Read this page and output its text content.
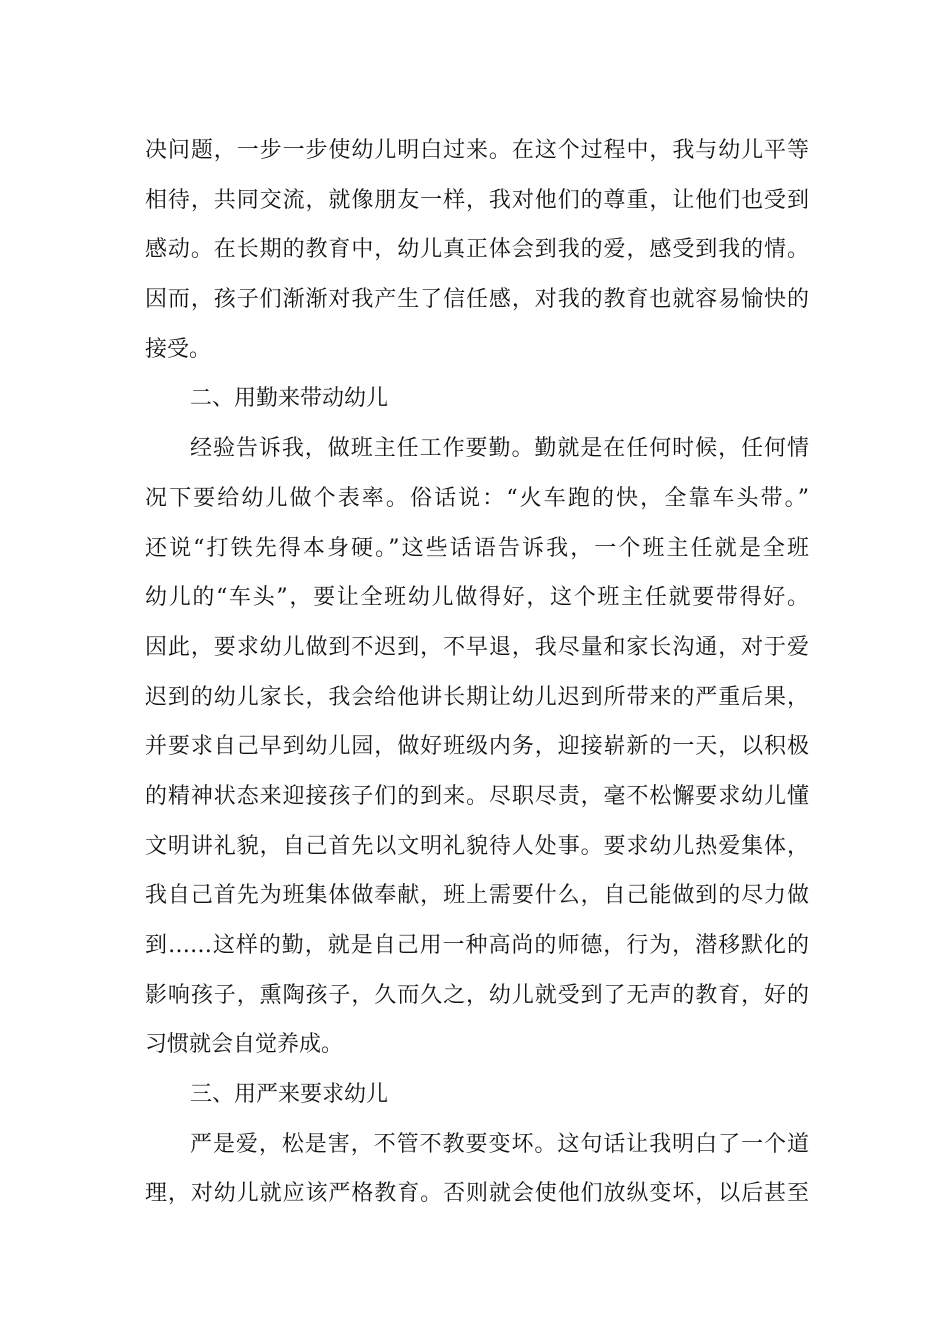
决问题，一步一步使幼儿明白过来。在这个过程中，我与幼儿平等
相待，共同交流，就像朋友一样，我对他们的尊重，让他们也受到
感动。在长期的教育中，幼儿真正体会到我的爱，感受到我的情。
因而，孩子们渐渐对我产生了信任感，对我的教育也就容易愉快的
接受。
二、用勤来带动幼儿
经验告诉我，做班主任工作要勤。勤就是在任何时候，任何情
况下要给幼儿做个表率。俗话说：“火车跑的快，全靠车头带。”
还说“打铁先得本身硬。”这些话语告诉我，一个班主任就是全班
幼儿的“车头”，要让全班幼儿做得好，这个班主任就要带得好。
因此，要求幼儿做到不迟到，不早退，我尽量和家长沟通，对于爱
迟到的幼儿家长，我会给他讲长期让幼儿迟到所带来的严重后果，
并要求自己早到幼儿园，做好班级内务，迎接崭新的一天，以积极
的精神状态来迎接孩子们的到来。尽职尽责，毫不松懈要求幼儿懂
文明讲礼貌，自己首先以文明礼貌待人处事。要求幼儿热爱集体，
我自己首先为班集体做奉献，班上需要什么，自己能做到的尽力做
到……这样的勤，就是自己用一种高尚的师德，行为，潜移默化的
影响孩子，熏陶孩子，久而久之，幼儿就受到了无声的教育，好的
习惯就会自觉养成。
三、用严来要求幼儿
严是爱，松是害，不管不教要变坏。这句话让我明白了一个道
理，对幼儿就应该严格教育。否则就会使他们放纵变坏，以后甚至
